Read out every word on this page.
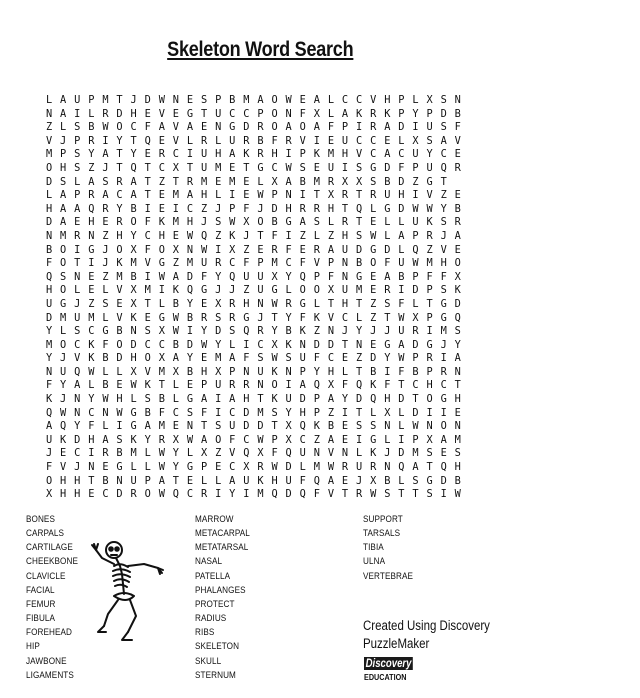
Skeleton Word Search
L A U P M T J D W N E S P B M A O W E A L C C V H P L X S N
N A I L R D H E V E G T U C C P O N F X L A K R K P Y P D B
Z L S B W O C F A V A E N G D R O A O A F P I R A D I U S F
V J P R I Y T Q E V L R L U R B F R V I E U C C E L X S A V
M P S Y A T Y E R C I U H A K R H I P K M H V C A C U Y C E
O H S Z J T Q T C X T U M E T G C W S E U I S G D F P U Q R
D S L A S R A T Z T R M E M E L X A B M R X X S B D Z G T
L A P R A C A T E M A H L I E W P N I T X R T R U H I V Z E
H A A Q R Y B I E I C Z J P F J D H R R H T Q L G D W W Y B
D A E H E R O F K M H J S W X O B G A S L R T E L L U K S R
N M R N Z H Y C H E W Q Z K J T F I Z L Z H S W L A P R J A
B O I G J O X F O X N W I X Z E R F E R A U D G D L Q Z V E
F O T I J K M V G Z M U R C F P M C F V P N B O F U W M H O
Q S N E Z M B I W A D F Y Q U U X Y Q P F N G E A B P F F X
H O L E L V X M I K Q G J J Z U G L O O X U M E R I D P S K
U G J Z S E X T L B Y E X R H N W R G L T H T Z S F L T G D
D M U M L V K E G W B R S R G J T Y F K V C L Z T W X P G Q
Y L S C G B N S X W I Y D S Q R Y B K Z N J Y J J U R I M S
M O C K F O D C C B D W Y L I C X K N D D T N E G A D G J Y
Y J V K B D H O X A Y E M A F S W S U F C E Z D Y W P R I A
N U Q W L L X V M X B H X P N U K N P Y H L T B I F B P R N
F Y A L B E W K T L E P U R R N O I A Q X F Q K F T C H C T
K J N Y W H L S B L G A I A H T K U D P A Y D Q H D T O G H
Q W N C N W G B F C S F I C D M S Y H P Z I T L X L D I I E
A Q Y F L I G A M E N T S U D D T X Q K B E S S N L W N O N
U K D H A S K Y R X W A O F C W P X C Z A E I G L I P X A M
J E C I R B M L W Y L X Z V Q X F Q U N V N L K J D M S E S
F V J N E G L L W Y G P E C X R W D L M W R U R N Q A T Q H
O H H T B N U P A T E L L A U K H U F Q A E J X B L S G D B
X H H E C D R O W Q C R I Y I M Q D Q F V T R W S T T S I W
BONES
CARPALS
CARTILAGE
CHEEKBONE
CLAVICLE
FACIAL
FEMUR
FIBULA
FOREHEAD
HIP
JAWBONE
LIGAMENTS
MARROW
METACARPAL
METATARSAL
NASAL
PATELLA
PHALANGES
PROTECT
RADIUS
RIBS
SKELETON
SKULL
STERNUM
SUPPORT
TARSALS
TIBIA
ULNA
VERTEBRAE
Created Using Discovery
PuzzleMaker
Discovery
EDUCATION
